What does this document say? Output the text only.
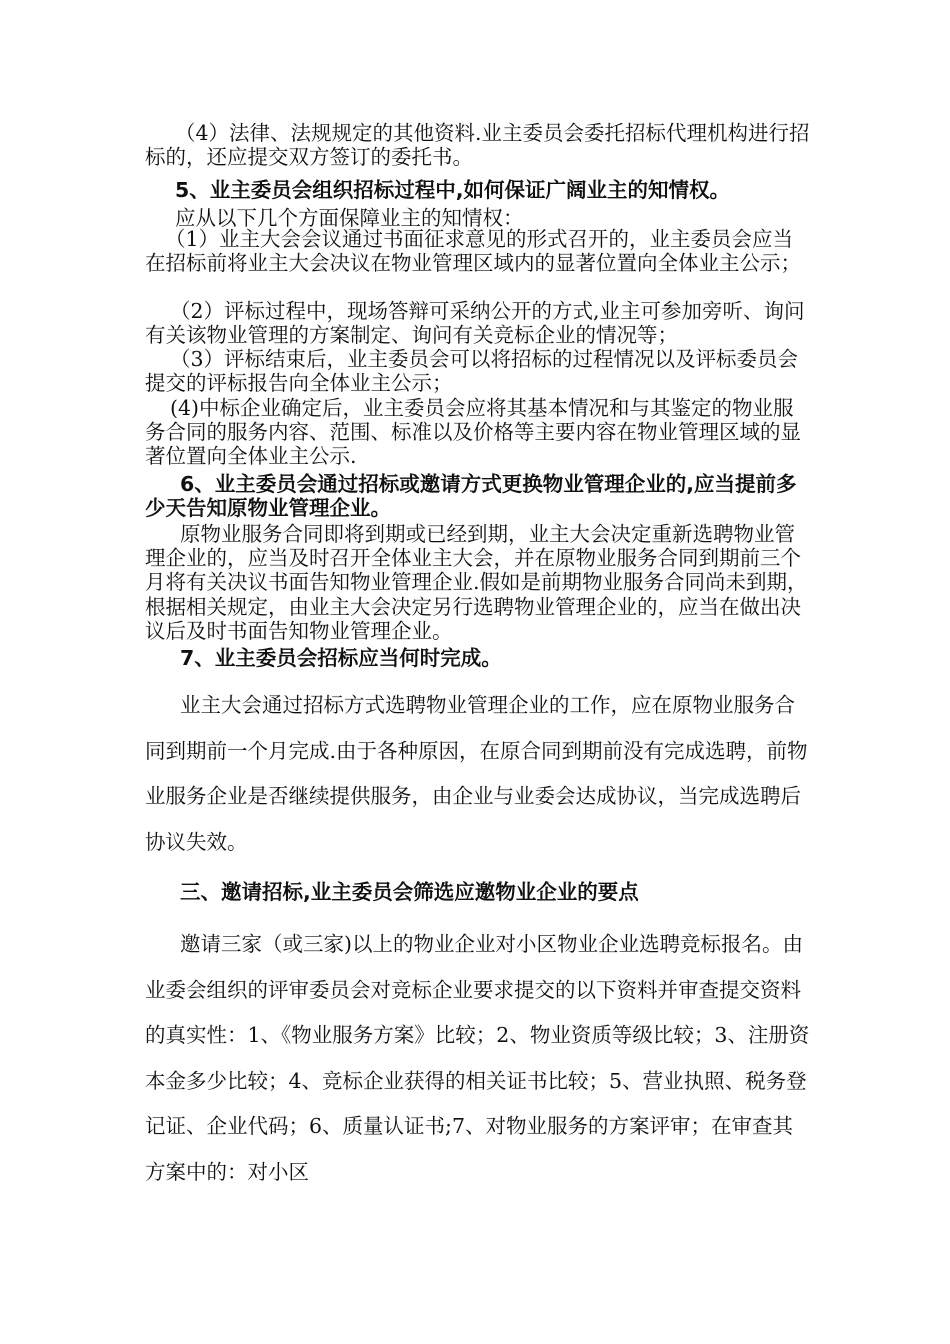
（4）法律、法规规定的其他资料.业主委员会委托招标代理机构进行招标的，还应提交双方签订的委托书。

5、业主委员会组织招标过程中,如何保证广阔业主的知情权。

应从以下几个方面保障业主的知情权：

（1）业主大会会议通过书面征求意见的形式召开的，业主委员会应当在招标前将业主大会决议在物业管理区域内的显著位置向全体业主公示；

（2）评标过程中，现场答辩可采纳公开的方式,业主可参加旁听、询问有关该物业管理的方案制定、询问有关竞标企业的情况等；

（3）评标结束后，业主委员会可以将招标的过程情况以及评标委员会提交的评标报告向全体业主公示；

(4)中标企业确定后，业主委员会应将其基本情况和与其鉴定的物业服务合同的服务内容、范围、标准以及价格等主要内容在物业管理区域的显著位置向全体业主公示.

6、业主委员会通过招标或邀请方式更换物业管理企业的,应当提前多少天告知原物业管理企业。

原物业服务合同即将到期或已经到期，业主大会决定重新选聘物业管理企业的，应当及时召开全体业主大会，并在原物业服务合同到期前三个月将有关决议书面告知物业管理企业.假如是前期物业服务合同尚未到期，根据相关规定，由业主大会决定另行选聘物业管理企业的，应当在做出决议后及时书面告知物业管理企业。

7、业主委员会招标应当何时完成。

业主大会通过招标方式选聘物业管理企业的工作，应在原物业服务合同到期前一个月完成.由于各种原因，在原合同到期前没有完成选聘，前物业服务企业是否继续提供服务，由企业与业委会达成协议，当完成选聘后协议失效。

三、邀请招标,业主委员会筛选应邀物业企业的要点

邀请三家（或三家)以上的物业企业对小区物业企业选聘竞标报名。由业委会组织的评审委员会对竞标企业要求提交的以下资料并审查提交资料的真实性：1、《物业服务方案》比较；2、物业资质等级比较；3、注册资本金多少比较；4、竞标企业获得的相关证书比较；5、营业执照、税务登记证、企业代码；6、质量认证书;7、对物业服务的方案评审；在审查其方案中的：对小区
